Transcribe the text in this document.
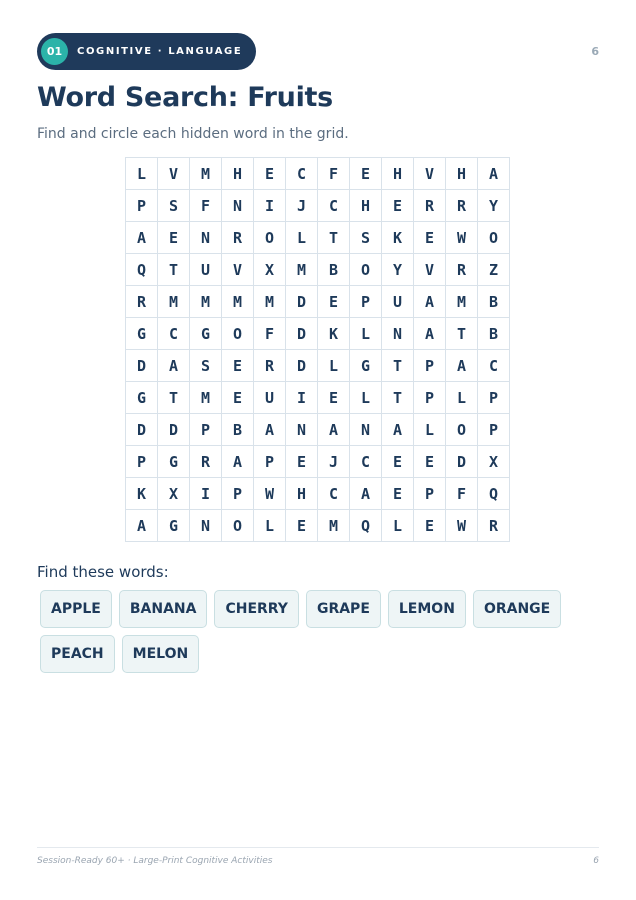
01	COGNITIVE · LANGUAGE	6
Word Search: Fruits
Find and circle each hidden word in the grid.
L	V	M	H	E	C	F	E	H	V	H	A
P	S	F	N	I	J	C	H	E	R	R	Y
A	E	N	R	O	L	T	S	K	E	W	O
Q	T	U	V	X	M	B	O	Y	V	R	Z
R	M	M	M	M	D	E	P	U	A	M	B
G	C	G	O	F	D	K	L	N	A	T	B
D	A	S	E	R	D	L	G	T	P	A	C
G	T	M	E	U	I	E	L	T	P	L	P
D	D	P	B	A	N	A	N	A	L	O	P
P	G	R	A	P	E	J	C	E	E	D	X
K	X	I	P	W	H	C	A	E	P	F	Q
A	G	N	O	L	E	M	Q	L	E	W	R
Find these words:
APPLE	BANANA	CHERRY	GRAPE	LEMON	ORANGE
PEACH	MELON
Session-Ready 60+ · Large-Print Cognitive Activities	6
